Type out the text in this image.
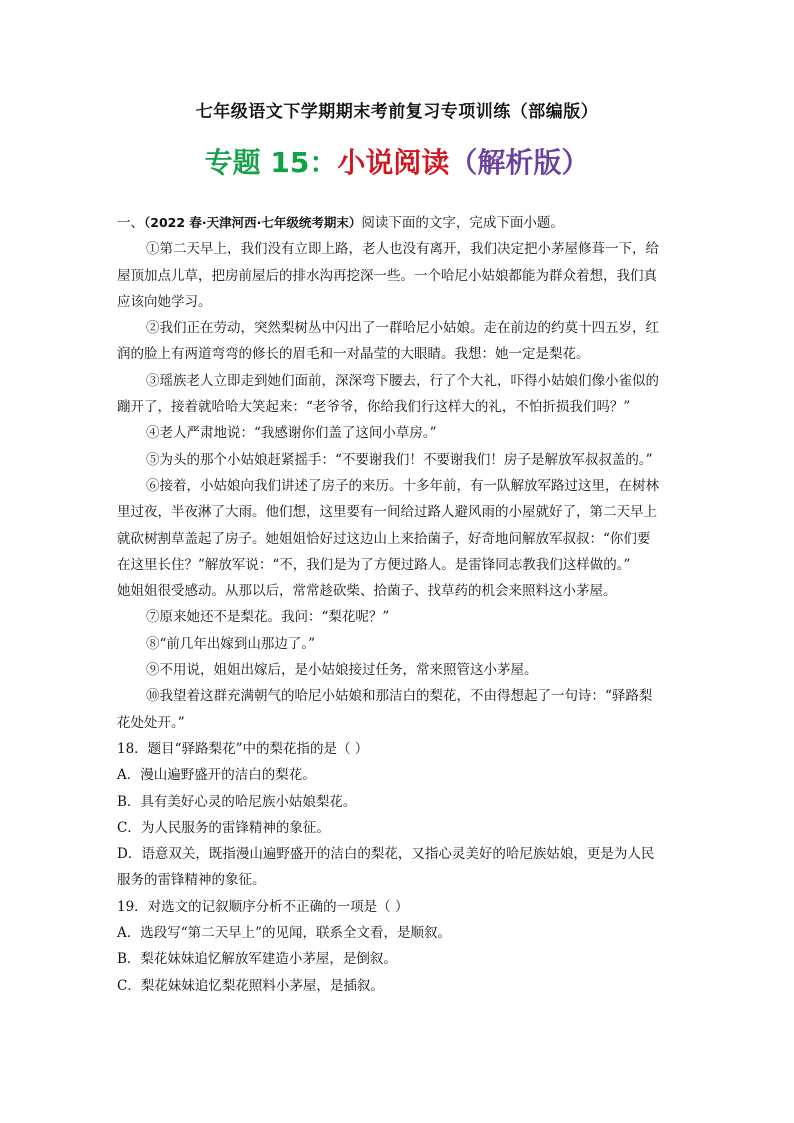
七年级语文下学期期末考前复习专项训练（部编版）
专题 15：小说阅读（解析版）
一、（2022 春·天津河西·七年级统考期末）阅读下面的文字，完成下面小题。
①第二天早上，我们没有立即上路，老人也没有离开，我们决定把小茅屋修葺一下，给
屋顶加点儿草，把房前屋后的排水沟再挖深一些。一个哈尼小姑娘都能为群众着想，我们真
应该向她学习。
②我们正在劳动，突然梨树丛中闪出了一群哈尼小姑娘。走在前边的约莫十四五岁，红
润的脸上有两道弯弯的修长的眉毛和一对晶莹的大眼睛。我想：她一定是梨花。
③瑶族老人立即走到她们面前，深深弯下腰去，行了个大礼，吓得小姑娘们像小雀似的
蹦开了，接着就哈哈大笑起来：“老爷爷，你给我们行这样大的礼，不怕折损我们吗？”
④老人严肃地说：“我感谢你们盖了这间小草房。”
⑤为头的那个小姑娘赶紧摇手：“不要谢我们！不要谢我们！房子是解放军叔叔盖的。”
⑥接着，小姑娘向我们讲述了房子的来历。十多年前，有一队解放军路过这里，在树林
里过夜，半夜淋了大雨。他们想，这里要有一间给过路人避风雨的小屋就好了，第二天早上
就砍树割草盖起了房子。她姐姐恰好过这边山上来拾菌子，好奇地问解放军叔叔：“你们要
在这里长住？”解放军说：“不，我们是为了方便过路人。是雷锋同志教我们这样做的。”
她姐姐很受感动。从那以后，常常趁砍柴、拾菌子、找草药的机会来照料这小茅屋。
⑦原来她还不是梨花。我问：“梨花呢？”
⑧“前几年出嫁到山那边了。”
⑨不用说，姐姐出嫁后，是小姑娘接过任务，常来照管这小茅屋。
⑩我望着这群充满朝气的哈尼小姑娘和那洁白的梨花，不由得想起了一句诗：“驿路梨
花处处开。”
18．题目“驿路梨花”中的梨花指的是（ ）
A．漫山遍野盛开的洁白的梨花。
B．具有美好心灵的哈尼族小姑娘梨花。
C．为人民服务的雷锋精神的象征。
D．语意双关，既指漫山遍野盛开的洁白的梨花，又指心灵美好的哈尼族姑娘，更是为人民
服务的雷锋精神的象征。
19．对选文的记叙顺序分析不正确的一项是（ ）
A．选段写“第二天早上”的见闻，联系全文看，是顺叙。
B．梨花妹妹追忆解放军建造小茅屋，是倒叙。
C．梨花妹妹追忆梨花照料小茅屋，是插叙。
